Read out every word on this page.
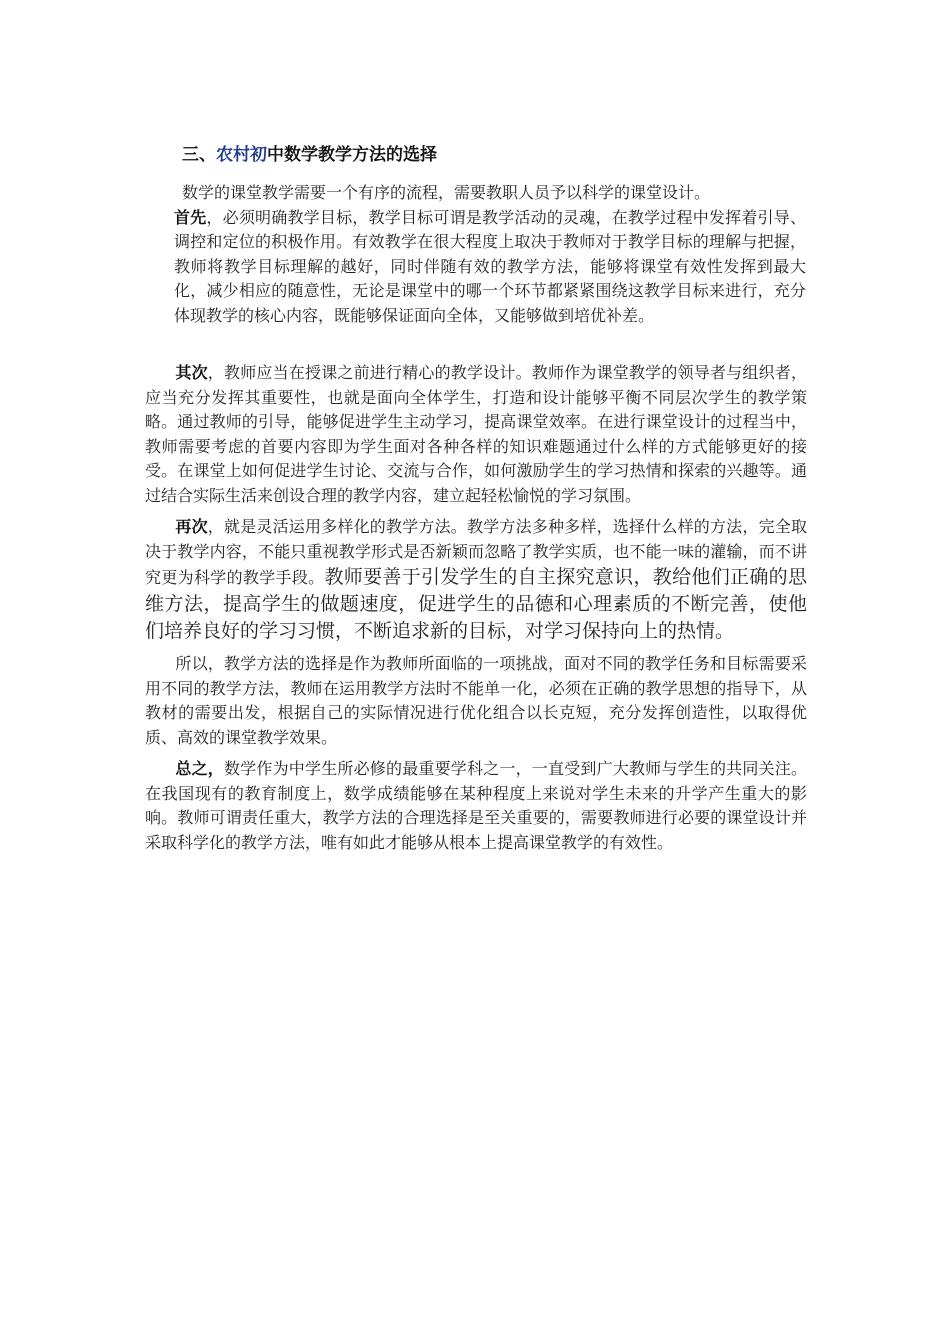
三、农村初中数学教学方法的选择

数学的课堂教学需要一个有序的流程，需要教职人员予以科学的课堂设计。

首先，必须明确教学目标，教学目标可谓是教学活动的灵魂，在教学过程中发挥着引导、调控和定位的积极作用。有效教学在很大程度上取决于教师对于教学目标的理解与把握，教师将教学目标理解的越好，同时伴随有效的教学方法，能够将课堂有效性发挥到最大化，减少相应的随意性，无论是课堂中的哪一个环节都紧紧围绕这教学目标来进行，充分体现教学的核心内容，既能够保证面向全体，又能够做到培优补差。

其次，教师应当在授课之前进行精心的教学设计。教师作为课堂教学的领导者与组织者，应当充分发挥其重要性，也就是面向全体学生，打造和设计能够平衡不同层次学生的教学策略。通过教师的引导，能够促进学生主动学习，提高课堂效率。在进行课堂设计的过程当中，教师需要考虑的首要内容即为学生面对各种各样的知识难题通过什么样的方式能够更好的接受。在课堂上如何促进学生讨论、交流与合作，如何激励学生的学习热情和探索的兴趣等。通过结合实际生活来创设合理的教学内容，建立起轻松愉悦的学习氛围。

再次，就是灵活运用多样化的教学方法。教学方法多种多样，选择什么样的方法，完全取决于教学内容，不能只重视教学形式是否新颖而忽略了教学实质，也不能一味的灌输，而不讲究更为科学的教学手段。教师要善于引发学生的自主探究意识，教给他们正确的思维方法，提高学生的做题速度，促进学生的品德和心理素质的不断完善，使他们培养良好的学习习惯，不断追求新的目标，对学习保持向上的热情。

所以，教学方法的选择是作为教师所面临的一项挑战，面对不同的教学任务和目标需要采用不同的教学方法，教师在运用教学方法时不能单一化，必须在正确的教学思想的指导下，从教材的需要出发，根据自己的实际情况进行优化组合以长克短，充分发挥创造性，以取得优质、高效的课堂教学效果。

总之，数学作为中学生所必修的最重要学科之一，一直受到广大教师与学生的共同关注。在我国现有的教育制度上，数学成绩能够在某种程度上来说对学生未来的升学产生重大的影响。教师可谓责任重大，教学方法的合理选择是至关重要的，需要教师进行必要的课堂设计并采取科学化的教学方法，唯有如此才能够从根本上提高课堂教学的有效性。
